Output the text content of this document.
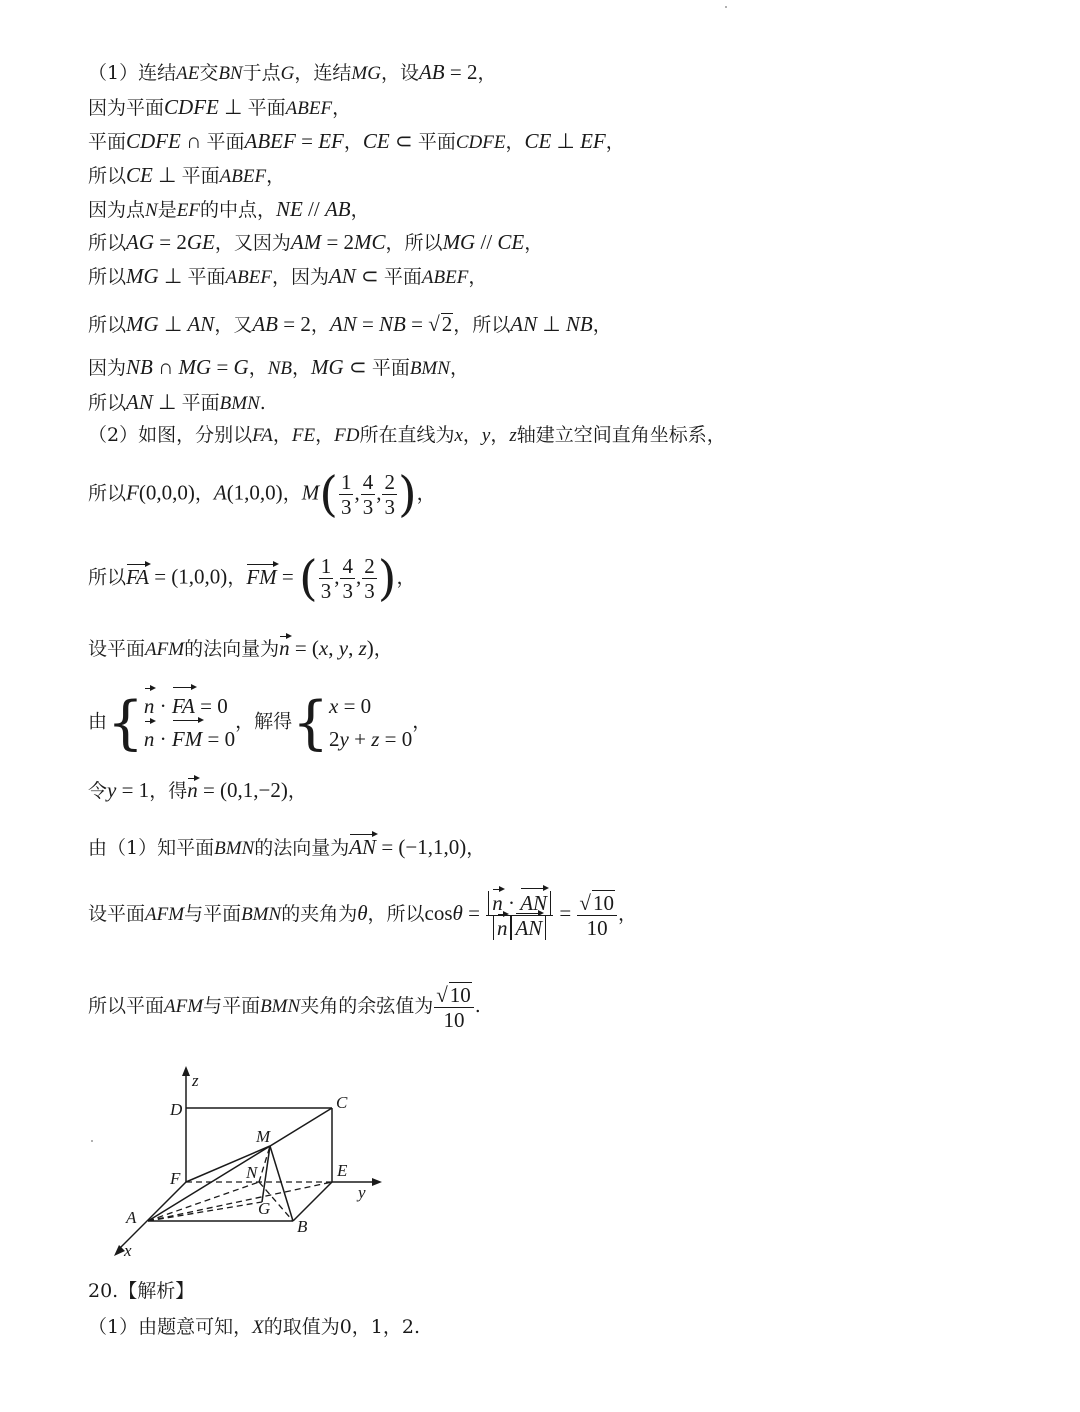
（1）连结AE交BN于点G，连结MG，设AB = 2，
因为平面CDFE ⊥ 平面ABEF，
平面CDFE ∩ 平面ABEF = EF，CE ⊂ 平面CDFE，CE ⊥ EF，
所以CE ⊥ 平面ABEF，
因为点N是EF的中点，NE // AB，
所以AG = 2GE，又因为AM = 2MC，所以MG // CE，
所以MG ⊥ 平面ABEF，因为AN ⊂ 平面ABEF，
所以MG ⊥ AN，又AB = 2，AN = NB = √2，所以AN ⊥ NB，
因为NB ∩ MG = G，NB，MG ⊂ 平面BMN，
所以AN ⊥ 平面BMN.
（2）如图，分别以FA，FE，FD所在直线为x，y，z轴建立空间直角坐标系，
所以F(0,0,0)，A(1,0,0)，$M( \frac{1}{3}$ , $\frac{4}{3}$ , $\frac{2}{3}$ )，
所以FA = (1,0,0)，FM = ( $\frac{1}{3}$ , $\frac{4}{3}$ , $\frac{2}{3}$ )，
设平面AFM的法向量为n = (x, y, z)，
由{ n · FA = 0
n · FM = 0
，解得{ x = 0
2y + z = 0
，
令y = 1，得n = (0,1,−2)，
由（1）知平面BMN的法向量为AN = (−1,1,0)，
设平面AFM与平面BMN的夹角为θ，所以$\cos\theta = \frac{n \cdot AN}{\text{n AN}} = \frac{√10}{10}$ ，
所以平面AFM与平面BMN夹角的余弦值为 $\frac{√10}{10}$ .
z
D	C
M
F	N	E
y
A	G
B
x
20.【解析】
（1）由题意可知，X的取值为0，1，2.
